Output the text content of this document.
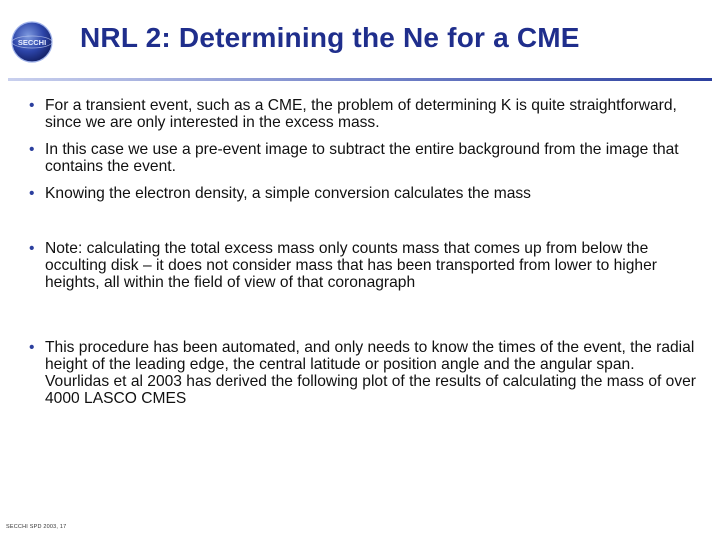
SECCHI NRL 2: Determining the Ne for a CME
• For a transient event, such as a CME, the problem of determining K is quite straightforward, since we are only interested in the excess mass.
• In this case we use a pre-event image to subtract the entire background from the image that contains the event.
• Knowing the electron density, a simple conversion calculates the mass
• Note: calculating the total excess mass only counts mass that comes up from below the occulting disk – it does not consider mass that has been transported from lower to higher heights, all within the field of view of that coronagraph
• This procedure has been automated, and only needs to know the times of the event, the radial height of the leading edge, the central latitude or position angle and the angular span. Vourlidas et al 2003 has derived the following plot of the results of calculating the mass of over 4000 LASCO CMES
SECCHI SPD 2003, 17
